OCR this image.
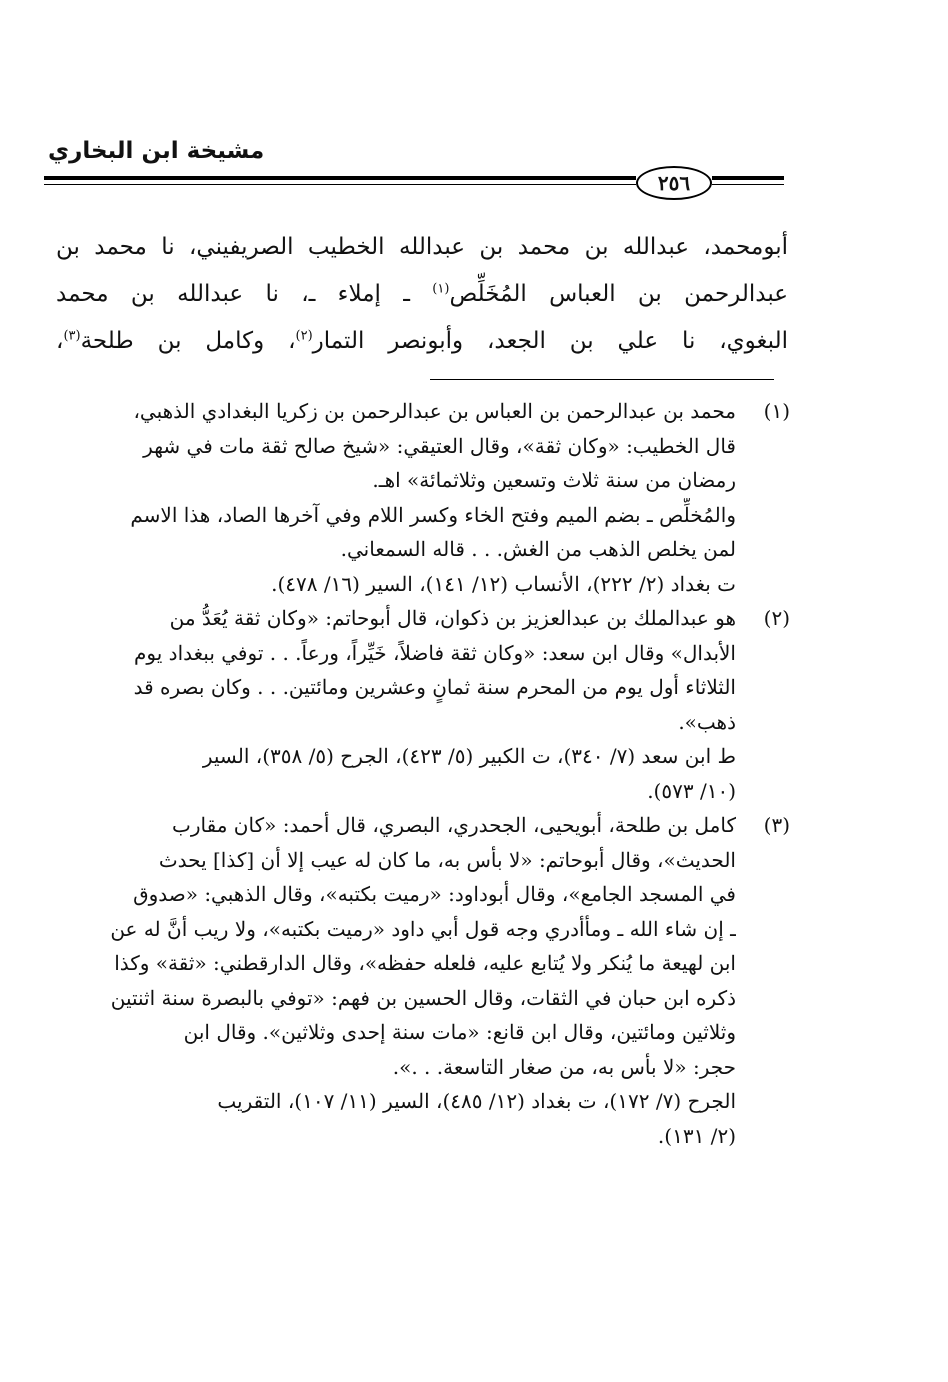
مشيخة ابن البخاري
٢٥٦
أبومحمد، عبدالله بن محمد بن عبدالله الخطيب الصريفيني، نا محمد بن
عبدالرحمن بن العباس المُخَلِّص$^{(١)}$ ـ إملاء ـ، نا عبدالله بن محمد
البغوي، نا علي بن الجعد، وأبونصر التمار$^{(٢)}$، وكامل بن طلحة$^{(٣)}$،
(١)
محمد بن عبدالرحمن بن العباس بن عبدالرحمن بن زكريا البغدادي الذهبي،
قال الخطيب: «وكان ثقة»، وقال العتيقي: «شيخ صالح ثقة مات في شهر
رمضان من سنة ثلاث وتسعين وثلاثمائة» اهـ.
والمُخلِّص ـ بضم الميم وفتح الخاء وكسر اللام وفي آخرها الصاد، هذا الاسم
لمن يخلص الذهب من الغش. . . قاله السمعاني.
ت بغداد (٢/ ٢٢٢)، الأنساب (١٢/ ١٤١)، السير (١٦/ ٤٧٨).
(٢)
هو عبدالملك بن عبدالعزيز بن ذكوان، قال أبوحاتم: «وكان ثقة يُعَدُّ من
الأبدال» وقال ابن سعد: «وكان ثقة فاضلاً، خَيِّراً، ورعاً. . . توفي ببغداد يوم
الثلاثاء أول يوم من المحرم سنة ثمانٍ وعشرين ومائتين. . . وكان بصره قد
ذهب».
ط ابن سعد (٧/ ٣٤٠)، ت الكبير (٥/ ٤٢٣)، الجرح (٥/ ٣٥٨)، السير
(١٠/ ٥٧٣).
(٣)
كامل بن طلحة، أبويحيى، الجحدري، البصري، قال أحمد: «كان مقارب
الحديث»، وقال أبوحاتم: «لا بأس به، ما كان له عيب إلا أن [كذا] يحدث
في المسجد الجامع»، وقال أبوداود: «رميت بكتبه»، وقال الذهبي: «صدوق
ـ إن شاء الله ـ ومأأدري وجه قول أبي داود «رميت بكتبه»، ولا ريب أنَّ له عن
ابن لهيعة ما يُنكر ولا يُتابع عليه، فلعله حفظه»، وقال الدارقطني: «ثقة» وكذا
ذكره ابن حبان في الثقات، وقال الحسين بن فهم: «توفي بالبصرة سنة اثنتين
وثلاثين ومائتين، وقال ابن قانع: «مات سنة إحدى وثلاثين». وقال ابن
حجر: «لا بأس به، من صغار التاسعة. . .».
الجرح (٧/ ١٧٢)، ت بغداد (١٢/ ٤٨٥)، السير (١١/ ١٠٧)، التقريب
(٢/ ١٣١).
